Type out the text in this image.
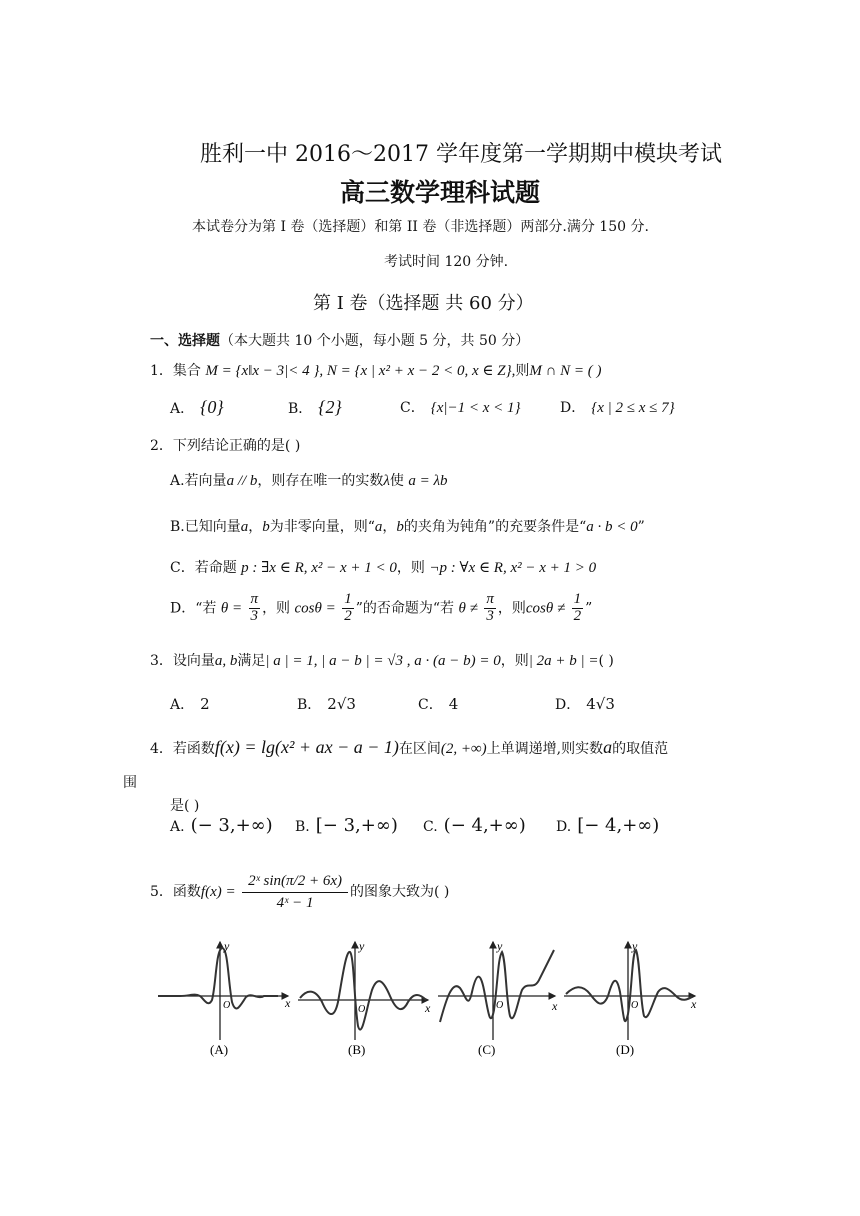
胜利一中 2016～2017 学年度第一学期期中模块考试
高三数学理科试题
本试卷分为第 I 卷（选择题）和第 II 卷（非选择题）两部分.满分 150 分.
考试时间 120 分钟.
第 I 卷（选择题 共 60 分）
一、选择题（本大题共 10 个小题，每小题 5 分，共 50 分）
1．集合 M = {x‖x − 3|< 4 }, N = {x | x² + x − 2 < 0, x ∈ Z},则M ∩ N = ( )
A． {0}	B． {2}	C． {x|−1 < x < 1}	D． {x | 2 ≤ x ≤ 7}
2．下列结论正确的是( )
A.若向量a // b，则存在唯一的实数λ使 a = λb
B.已知向量a，b为非零向量，则“a，b的夹角为钝角”的充要条件是“a · b < 0”
C．若命题 p : ∃x ∈ R, x² − x + 1 < 0，则 ¬p : ∀x ∈ R, x² − x + 1 > 0
D．“若 $\theta = \frac{\pi}{3}$ ，则 $\cos\theta = \frac{1}{2}$ ”的否命题为“若 $\theta \ne \frac{\pi}{3}$ ，则$\cos\theta \ne \frac{1}{2}$ ”
3．设向量a, b满足| a | = 1, | a − b | = √3 , a · (a − b) = 0，则| 2a + b | =( )
A． 2	B． 2√3	C． 4	D． 4√3
4．若函数f(x) = lg(x² + ax − a − 1)在区间(2, +∞)上单调递增,则实数a的取值范
围
是( )
A. (− 3,+∞) B. [− 3,+∞) C. (− 4,+∞) D. [− 4,+∞)
5．函数$f(x) = \frac{\text{2ˣ sin(π/2 + 6x)}}{\text{4ˣ − 1}}$ 的图象大致为( )
x
y
O
(A)
x
y
O
(B)
x
y
O
(C)
x
y
O
(D)
